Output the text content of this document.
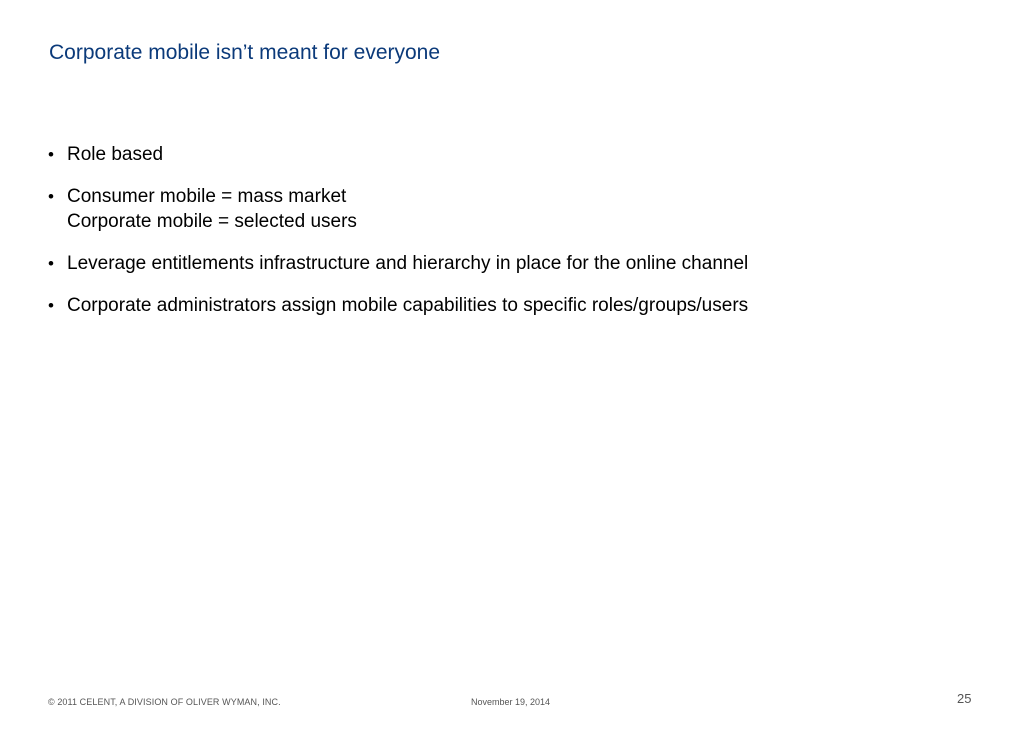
Corporate mobile isn’t meant for everyone
• Role based
• Consumer mobile = mass market
Corporate mobile = selected users
• Leverage entitlements infrastructure and hierarchy in place for the online channel
• Corporate administrators assign mobile capabilities to specific roles/groups/users
© 2011 CELENT, A DIVISION OF OLIVER WYMAN, INC.	November 19, 2014	25
